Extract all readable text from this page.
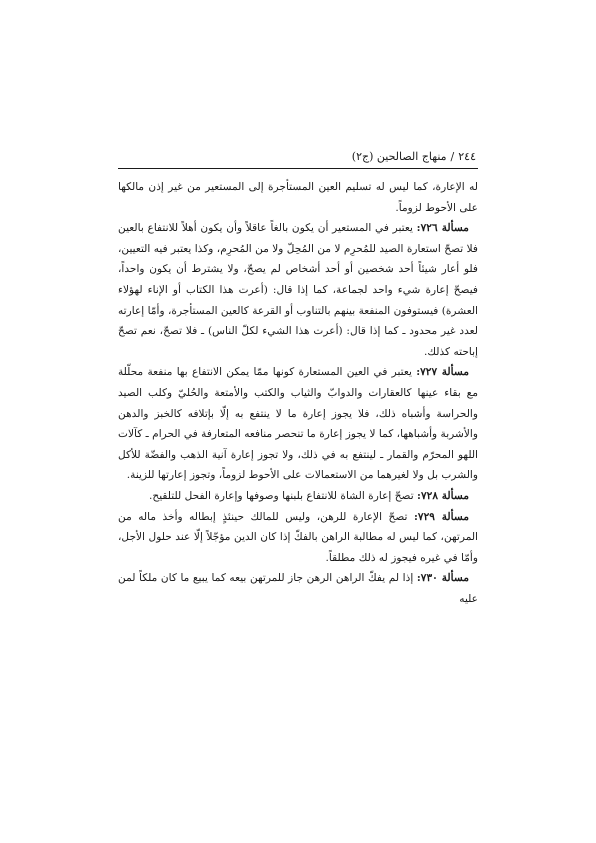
٢٤٤
/
منهاج الصالحين (ج٢)

له الإعارة، كما ليس له تسليم العين المستأجرة إلى المستعير من غير إذن مالكها على الأحوط لزوماً.

مسألة ٧٢٦: يعتبر في المستعير أن يكون بالغاً عاقلاً وأن يكون أهلاً للانتفاع بالعين فلا تصحّ استعارة الصيد للمُحرِم لا من المُحِلّ ولا من المُحرِم، وكذا يعتبر فيه التعيين، فلو أعار شيئاً أحد شخصين أو أحد أشخاص لم يصحّ، ولا يشترط أن يكون واحداً، فيصحّ إعارة شيء واحد لجماعة، كما إذا قال: (أعرت هذا الكتاب أو الإناء لهؤلاء العشرة) فيستوفون المنفعة بينهم بالتناوب أو القرعة كالعين المستأجرة، وأمّا إعارته لعدد غير محدود ـ كما إذا قال: (أعرت هذا الشيء لكلّ الناس) ـ فلا تصحّ، نعم تصحّ إباحته كذلك.

مسألة ٧٢٧: يعتبر في العين المستعارة كونها ممّا يمكن الانتفاع بها منفعة محلّلة مع بقاء عينها كالعقارات والدوابّ والثياب والكتب والأمتعة والحُليّ وكلب الصيد والحراسة وأشباه ذلك، فلا يجوز إعارة ما لا ينتفع به إلّا بإتلافه كالخبز والدهن والأشربة وأشباهها، كما لا يجوز إعارة ما تنحصر منافعه المتعارفة في الحرام ـ كآلات اللهو المحرّم والقمار ـ لينتفع به في ذلك، ولا تجوز إعارة آنية الذهب والفضّة للأكل والشرب بل ولا لغيرهما من الاستعمالات على الأحوط لزوماً، وتجوز إعارتها للزينة.

مسألة ٧٢٨: تصحّ إعارة الشاة للانتفاع بلبنها وصوفها وإعارة الفحل للتلقيح.

مسألة ٧٢٩: تصحّ الإعارة للرهن، وليس للمالك حينئذٍ إبطاله وأخذ ماله من المرتهن، كما ليس له مطالبة الراهن بالفكّ إذا كان الدين مؤجّلاً إلّا عند حلول الأجل، وأمّا في غيره فيجوز له ذلك مطلقاً.

مسألة ٧٣٠: إذا لم يفكّ الراهن الرهن جاز للمرتهن بيعه كما يبيع ما كان ملكاً لمن عليه
